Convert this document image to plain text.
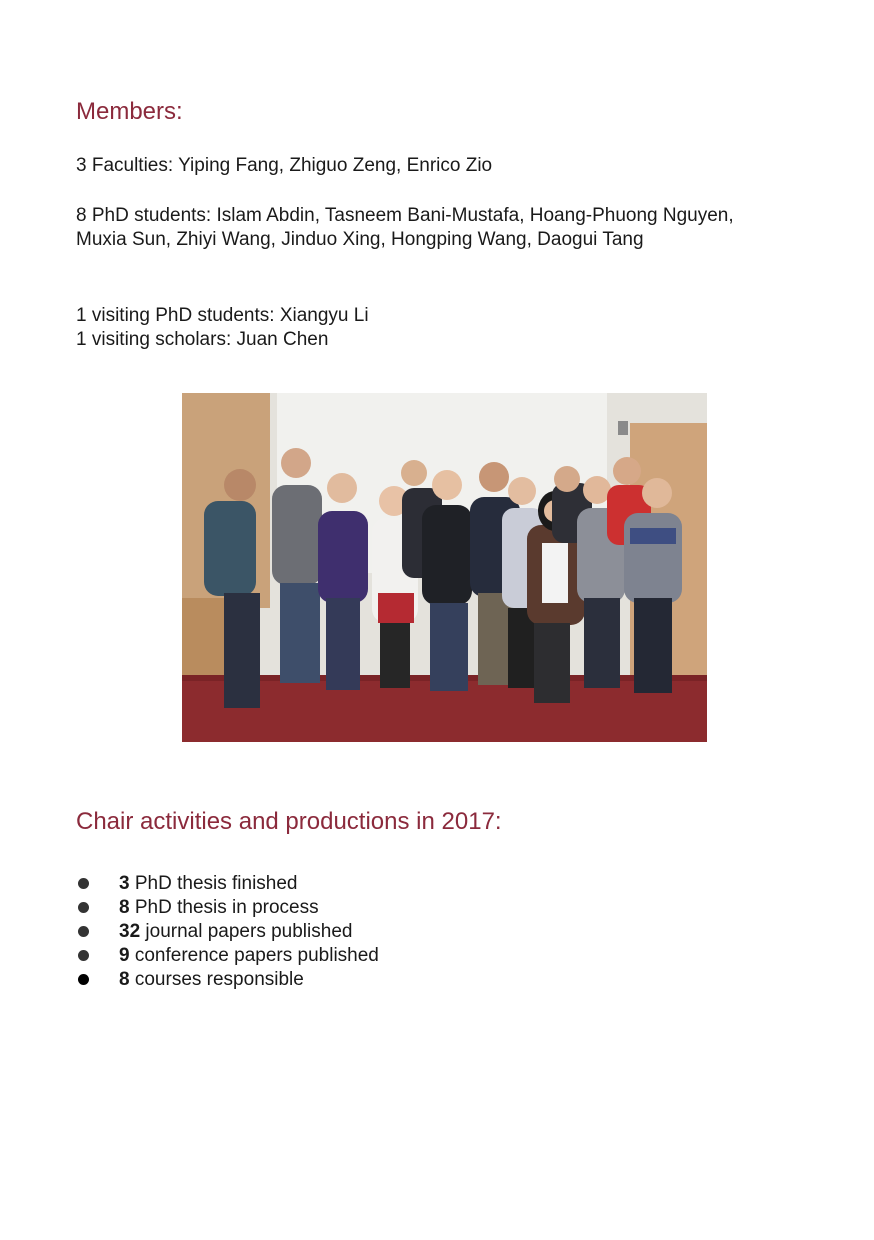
Members:

3 Faculties: Yiping Fang, Zhiguo Zeng, Enrico Zio

8 PhD students: Islam Abdin, Tasneem Bani-Mustafa, Hoang-Phuong Nguyen, Muxia Sun, Zhiyi Wang, Jinduo Xing, Hongping Wang, Daogui Tang

1 visiting PhD students: Xiangyu Li
1 visiting scholars: Juan Chen

Chair activities and productions in 2017:
3 PhD thesis finished
8 PhD thesis in process
32 journal papers published
9 conference papers published
8 courses responsible
